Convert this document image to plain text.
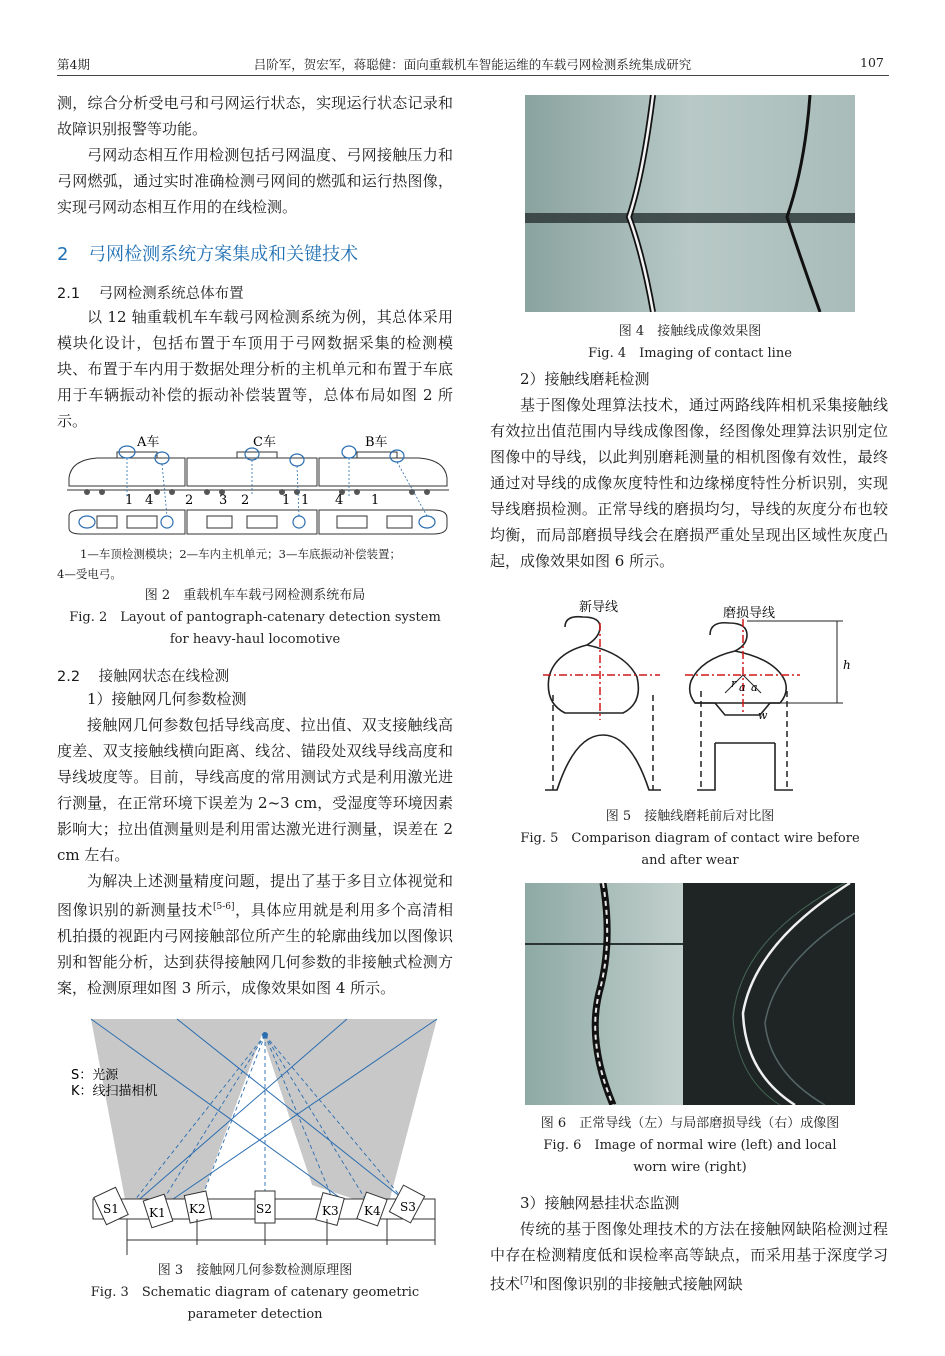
第4期	吕阶军，贺宏军，蒋聪健：面向重载机车智能运维的车载弓网检测系统集成研究	107

测，综合分析受电弓和弓网运行状态，实现运行状态记录和故障识别报警等功能。

弓网动态相互作用检测包括弓网温度、弓网接触压力和弓网燃弧，通过实时准确检测弓网间的燃弧和运行热图像，实现弓网动态相互作用的在线检测。

2 弓网检测系统方案集成和关键技术
2.1 弓网检测系统总体布置

以 12 轴重载机车车载弓网检测系统为例，其总体采用模块化设计，包括布置于车顶用于弓网数据采集的检测模块、布置于车内用于数据处理分析的主机单元和布置于车底用于车辆振动补偿的振动补偿装置等，总体布局如图 2 所示。

A车	C车	B车
1 4 2 3 2	1 1 4 1
1—车顶检测模块；2—车内主机单元；3—车底振动补偿装置；
4—受电弓。
图 2　重载机车车载弓网检测系统布局
Fig. 2　Layout of pantograph-catenary detection system
for heavy-haul locomotive
2.2 接触网状态在线检测

1）接触网几何参数检测

接触网几何参数包括导线高度、拉出值、双支接触线高度差、双支接触线横向距离、线岔、锚段处双线导线高度和导线坡度等。目前，导线高度的常用测试方式是利用激光进行测量，在正常环境下误差为 2~3 cm，受湿度等环境因素影响大；拉出值测量则是利用雷达激光进行测量，误差在 2 cm 左右。

为解决上述测量精度问题，提出了基于多目立体视觉和图像识别的新测量技术[5-6]，具体应用就是利用多个高清相机拍摄的视距内弓网接触部位所产生的轮廓曲线加以图像识别和智能分析，达到获得接触网几何参数的非接触式检测方案，检测原理如图 3 所示，成像效果如图 4 所示。

S：光源
K：线扫描相机
S1	K1 K2	S2	K3 K4 S3
图 3　接触网几何参数检测原理图
Fig. 3　Schematic diagram of catenary geometric
parameter detection
图 4　接触线成像效果图
Fig. 4　Imaging of contact line

2）接触线磨耗检测

基于图像处理算法技术，通过两路线阵相机采集接触线有效拉出值范围内导线成像图像，经图像处理算法识别定位图像中的导线，以此判别磨耗测量的相机图像有效性，最终通过对导线的成像灰度特性和边缘梯度特性分析识别，实现导线磨损检测。正常导线的磨损均匀，导线的灰度分布也较均衡，而局部磨损导线会在磨损严重处呈现出区域性灰度凸起，成像效果如图 6 所示。

新导线	磨损导线
r a a
w
h
图 5　接触线磨耗前后对比图
Fig. 5　Comparison diagram of contact wire before
and after wear
图 6　正常导线（左）与局部磨损导线（右）成像图
Fig. 6　Image of normal wire (left) and local
worn wire (right)

3）接触网悬挂状态监测

传统的基于图像处理技术的方法在接触网缺陷检测过程中存在检测精度低和误检率高等缺点，而采用基于深度学习技术[7]和图像识别的非接触式接触网缺
